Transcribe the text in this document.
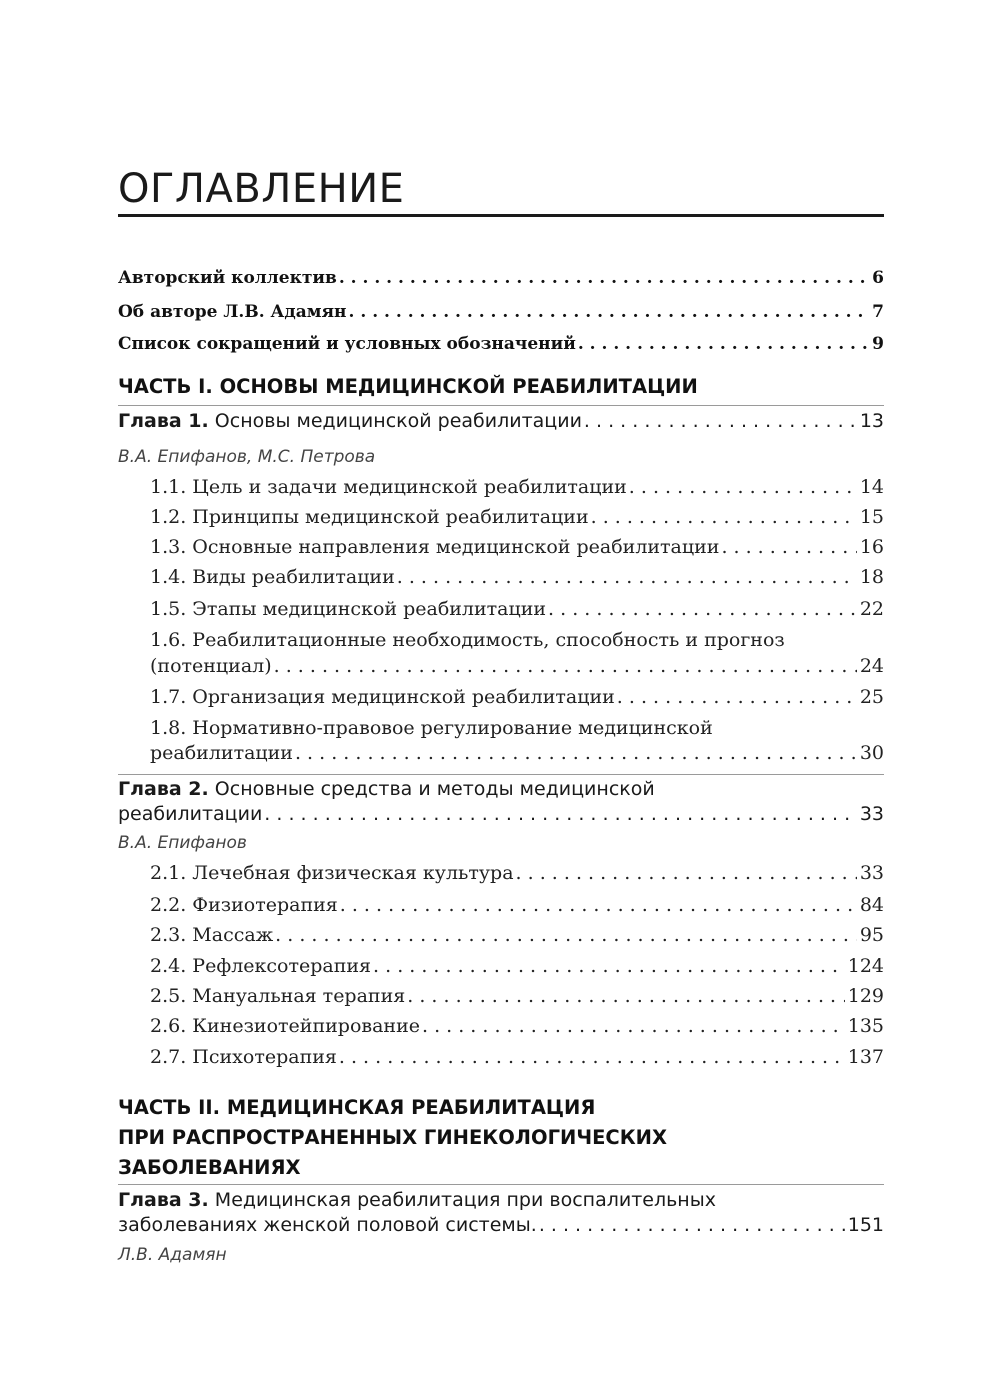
ОГЛАВЛЕНИЕ
Авторский коллектив . . .	6
Об авторе Л.В. Адамян . . .	7
Список сокращений и условных обозначений . . .	9
ЧАСТЬ I. ОСНОВЫ МЕДИЦИНСКОЙ РЕАБИЛИТАЦИИ
Глава 1. Основы медицинской реабилитации . . .	13
В.А. Епифанов, М.С. Петрова
1.1. Цель и задачи медицинской реабилитации . . .	14
1.2. Принципы медицинской реабилитации . . .	15
1.3. Основные направления медицинской реабилитации . . .	16
1.4. Виды реабилитации . . .	18
1.5. Этапы медицинской реабилитации . . .	22
1.6. Реабилитационные необходимость, способность и прогноз
(потенциал) . . .	24
1.7. Организация медицинской реабилитации . . .	25
1.8. Нормативно-правовое регулирование медицинской
реабилитации . . .	30
Глава 2. Основные средства и методы медицинской
реабилитации . . .	33
В.А. Епифанов
2.1. Лечебная физическая культура . . .	33
2.2. Физиотерапия . . .	84
2.3. Массаж . . .	95
2.4. Рефлексотерапия . . .	124
2.5. Мануальная терапия . . .	129
2.6. Кинезиотейпирование . . .	135
2.7. Психотерапия . . .	137
ЧАСТЬ II. МЕДИЦИНСКАЯ РЕАБИЛИТАЦИЯ
ПРИ РАСПРОСТРАНЕННЫХ ГИНЕКОЛОГИЧЕСКИХ
ЗАБОЛЕВАНИЯХ
Глава 3. Медицинская реабилитация при воспалительных
заболеваниях женской половой системы. . . .	151
Л.В. Адамян
